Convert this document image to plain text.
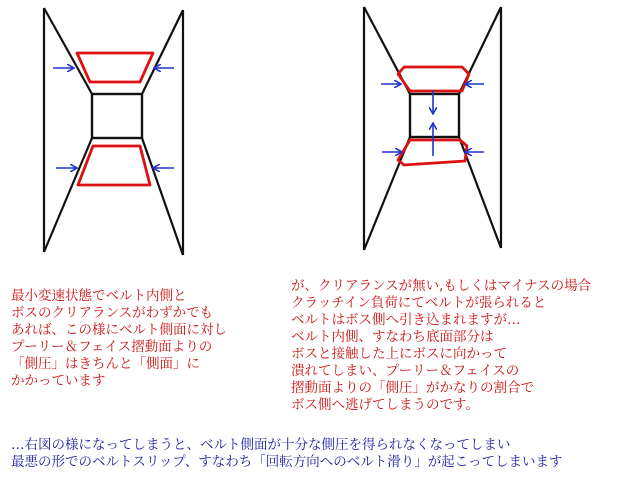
最小変速状態でベルト内側と
ボスのクリアランスがわずかでも
あれば、この様にベルト側面に対し
プーリー＆フェイス摺動面よりの
「側圧」はきちんと「側面」に
かかっています
が、クリアランスが無い,もしくはマイナスの場合
クラッチイン負荷にてベルトが張られると
ベルトはボス側へ引き込まれますが…
ベルト内側、すなわち底面部分は
ボスと接触した上にボスに向かって
潰れてしまい、プーリー＆フェイスの
摺動面よりの「側圧」がかなりの割合で
ボス側へ逃げてしまうのです。
…右図の様になってしまうと、ベルト側面が十分な側圧を得られなくなってしまい
最悪の形でのベルトスリップ、すなわち「回転方向へのベルト滑り」が起こってしまいます
